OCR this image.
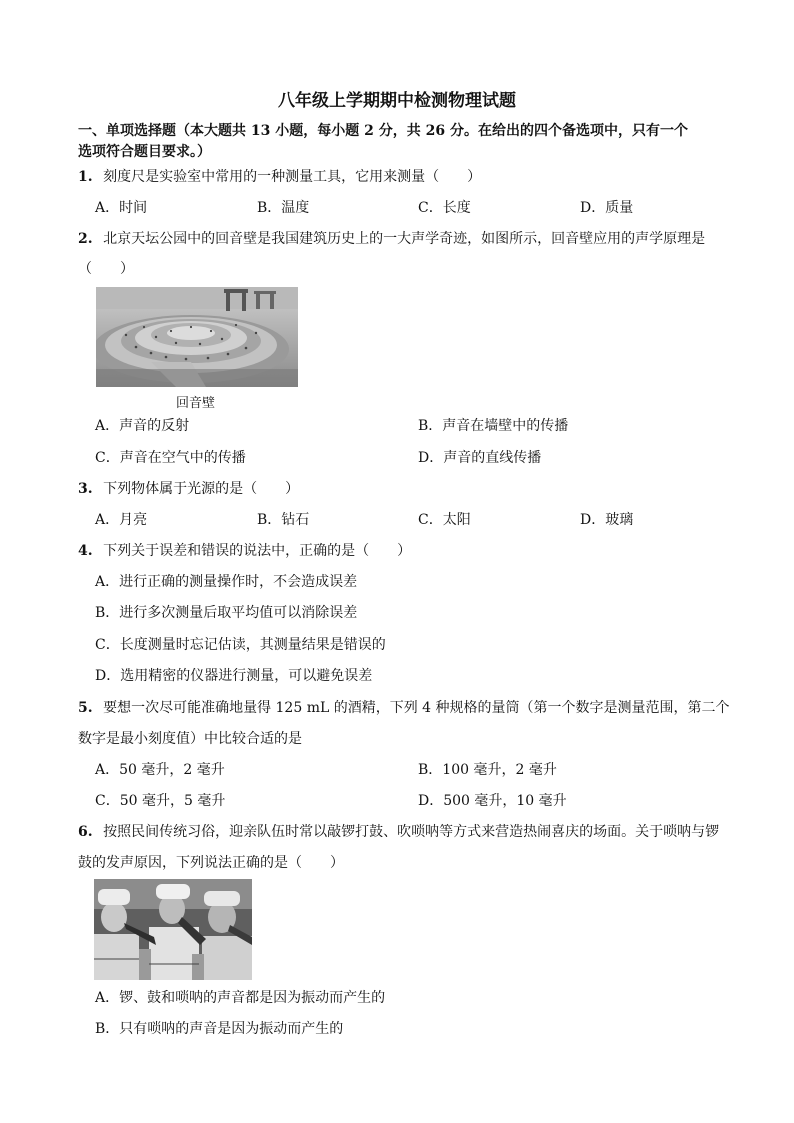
八年级上学期期中检测物理试题
一、单项选择题（本大题共 13 小题，每小题 2 分，共 26 分。在给出的四个备选项中，只有一个
选项符合题目要求。）
1. 刻度尺是实验室中常用的一种测量工具，它用来测量（　　）
A．时间	B．温度	C．长度	D．质量
2. 北京天坛公园中的回音壁是我国建筑历史上的一大声学奇迹，如图所示，回音壁应用的声学原理是
（　　）
回音壁
A．声音的反射	B．声音在墙壁中的传播
C．声音在空气中的传播	D．声音的直线传播
3. 下列物体属于光源的是（　　）
A．月亮	B．钻石	C．太阳	D．玻璃
4. 下列关于误差和错误的说法中，正确的是（　　）
A．进行正确的测量操作时，不会造成误差
B．进行多次测量后取平均值可以消除误差
C．长度测量时忘记估读，其测量结果是错误的
D．选用精密的仪器进行测量，可以避免误差
5. 要想一次尽可能准确地量得 125 mL 的酒精，下列 4 种规格的量筒（第一个数字是测量范围，第二个
数字是最小刻度值）中比较合适的是
A．50 毫升，2 毫升	B．100 毫升，2 毫升
C．50 毫升，5 毫升	D．500 毫升，10 毫升
6. 按照民间传统习俗，迎亲队伍时常以敲锣打鼓、吹唢呐等方式来营造热闹喜庆的场面。关于唢呐与锣
鼓的发声原因，下列说法正确的是（　　）
A．锣、鼓和唢呐的声音都是因为振动而产生的
B．只有唢呐的声音是因为振动而产生的
